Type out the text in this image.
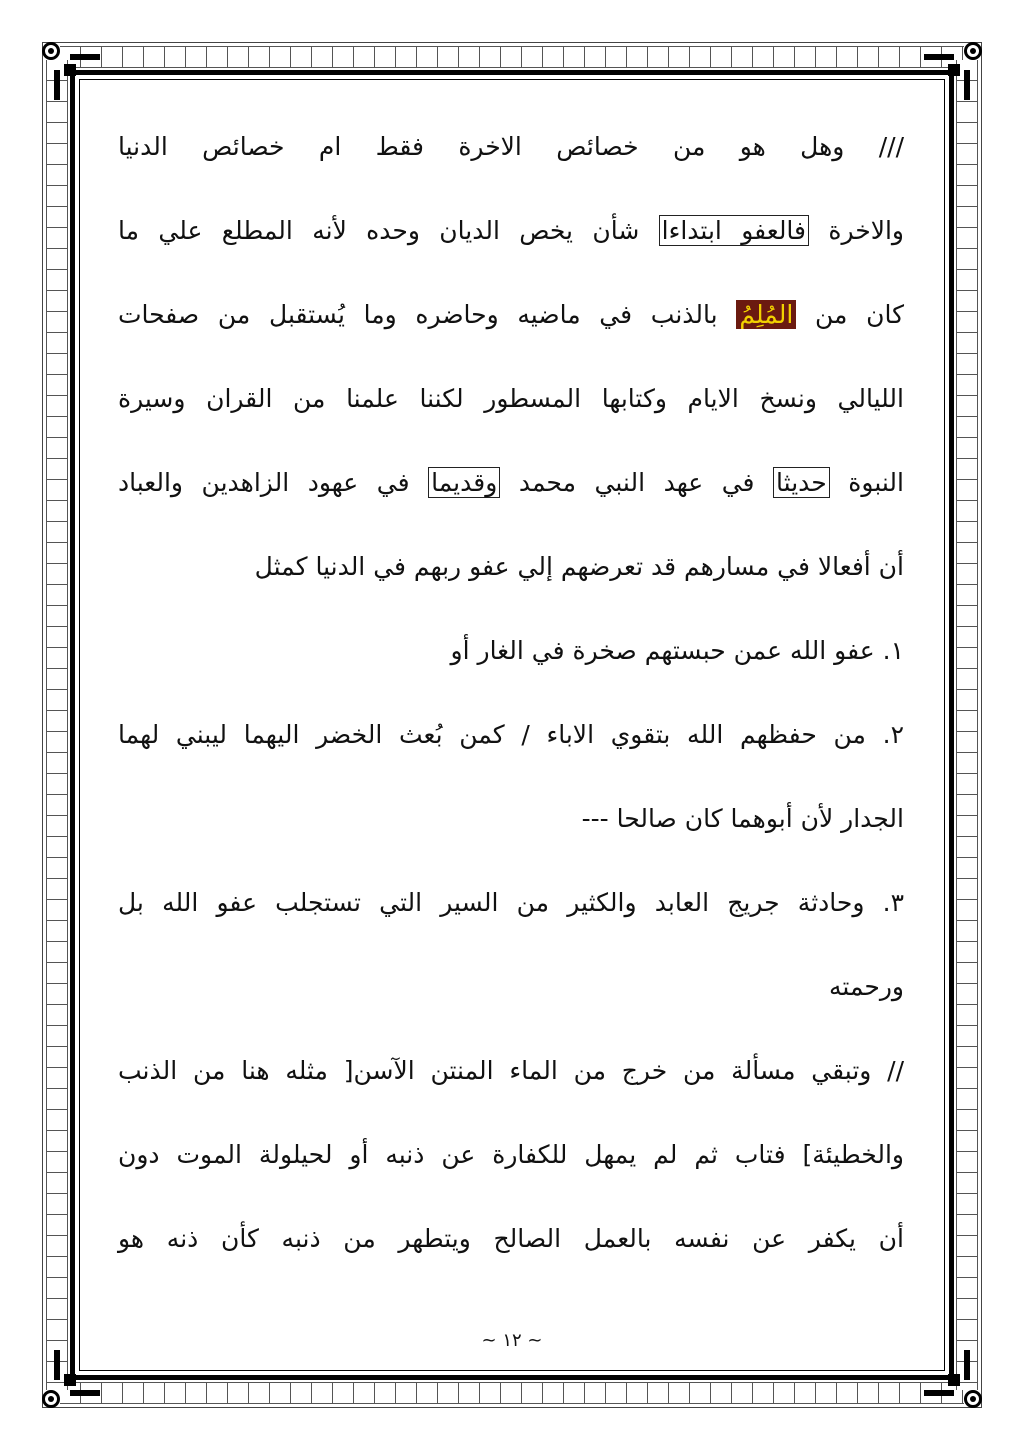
/// وهل هو من خصائص الاخرة فقط ام خصائص الدنيا
والاخرة فالعفو ابتداءا شأن يخص الديان وحده لأنه المطلع علي ما
كان من المُلِمُ بالذنب في ماضيه وحاضره وما يُستقبل من صفحات
الليالي ونسخ الايام وكتابها المسطور لكننا علمنا من القران وسيرة
النبوة حديثا في عهد النبي محمد وقديما في عهود الزاهدين والعباد
أن أفعالا في مسارهم قد تعرضهم إلي عفو ربهم في الدنيا كمثل
١. عفو الله عمن حبستهم صخرة في الغار أو
٢. من حفظهم الله بتقوي الاباء / كمن بُعث الخضر اليهما ليبني لهما
الجدار لأن أبوهما كان صالحا ---
٣. وحادثة جريج العابد والكثير من السير التي تستجلب عفو الله بل
ورحمته
// وتبقي مسألة من خرج من الماء المنتن الآسن[ مثله هنا من الذنب
والخطيئة] فتاب ثم لم يمهل للكفارة عن ذنبه أو لحيلولة الموت دون
أن يكفر عن نفسه بالعمل الصالح ويتطهر من ذنبه كأن ذنه هو
~ ١٢ ~
